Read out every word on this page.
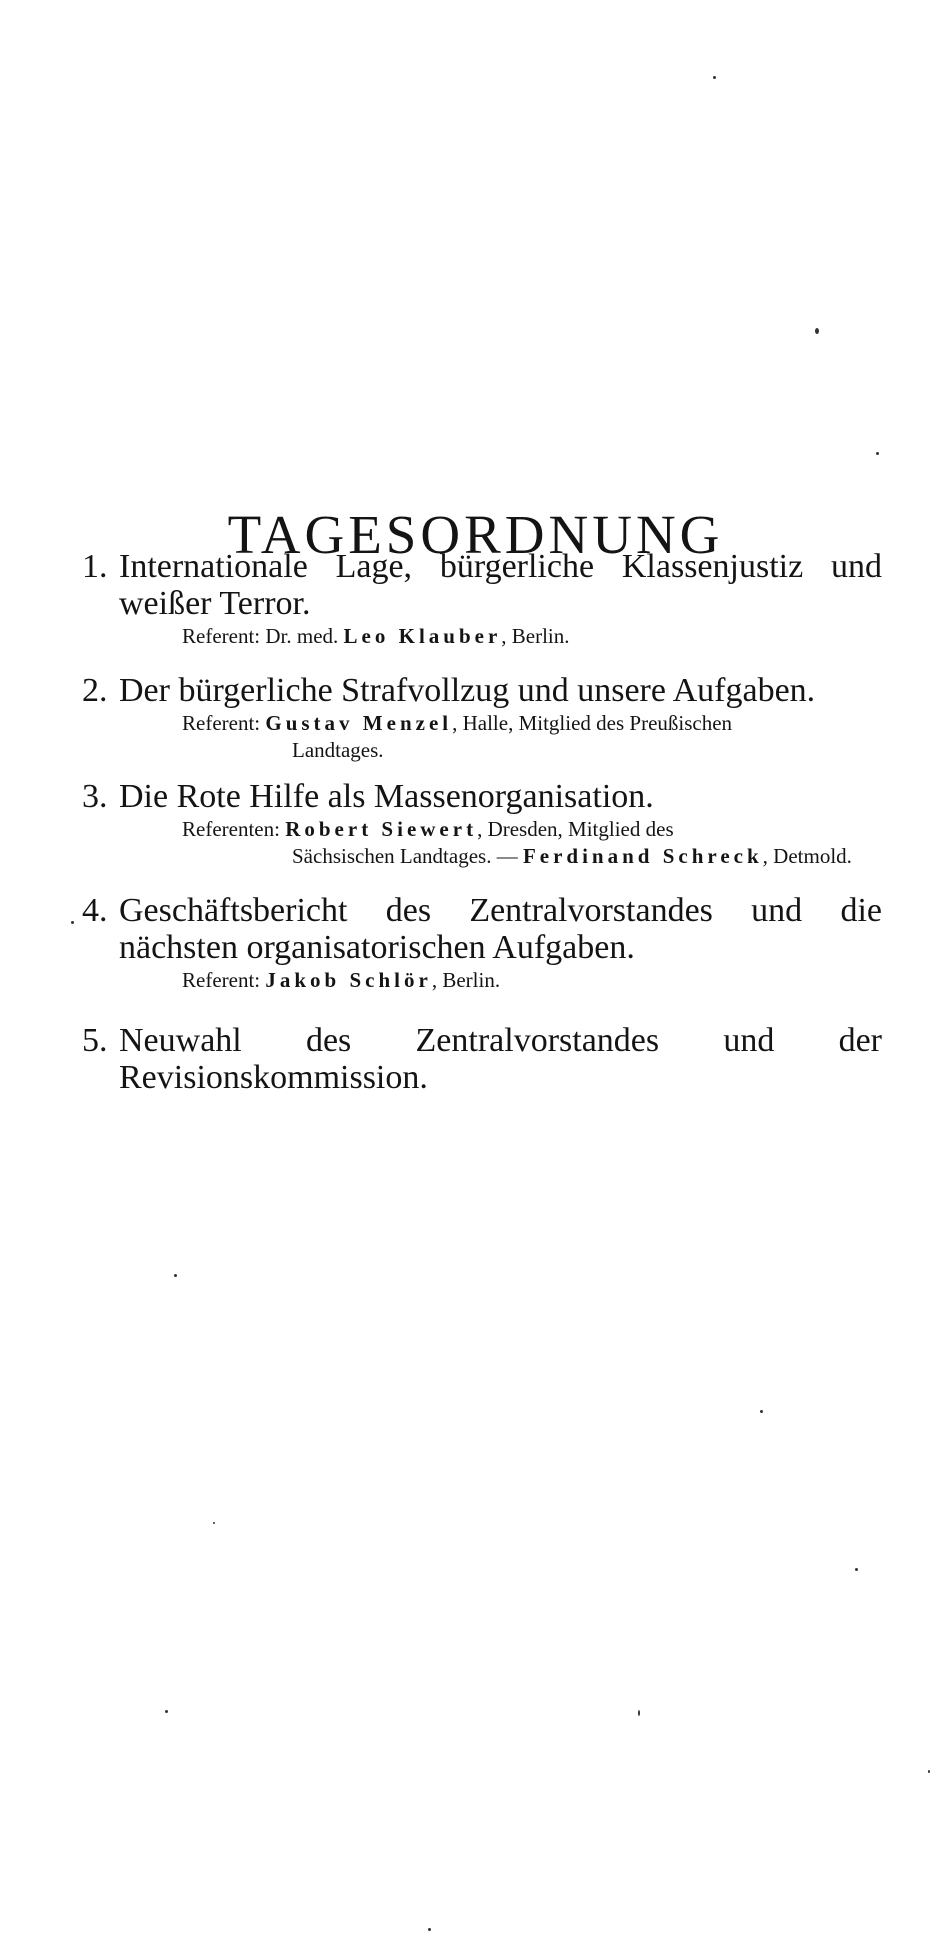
TAGESORDNUNG
1. Internationale Lage, bürgerliche Klassenjustiz und weißer Terror.
Referent: Dr. med. Leo Klauber, Berlin.
2. Der bürgerliche Strafvollzug und unsere Aufgaben.
Referent: Gustav Menzel, Halle, Mitglied des Preußischen
Landtages.
3. Die Rote Hilfe als Massenorganisation.
Referenten: Robert Siewert, Dresden, Mitglied des
Sächsischen Landtages. — Ferdinand Schreck, Detmold.
4. Geschäftsbericht des Zentralvorstandes und die nächsten organisatorischen Aufgaben.
Referent: Jakob Schlör, Berlin.
5. Neuwahl des Zentralvorstandes und der Revisionskommission.
